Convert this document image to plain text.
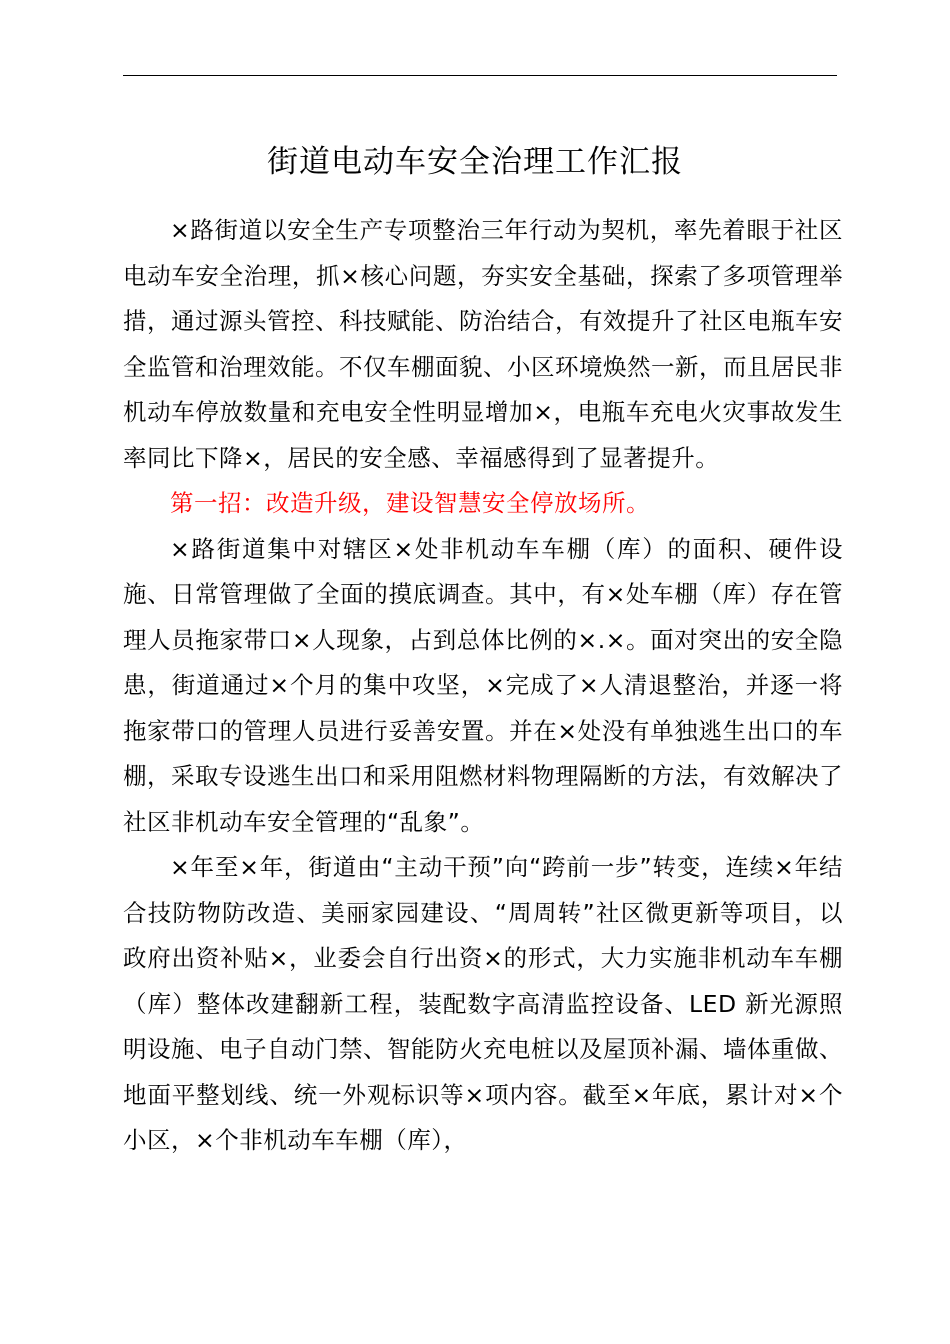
街道电动车安全治理工作汇报

×路街道以安全生产专项整治三年行动为契机，率先着眼于社区电动车安全治理，抓×核心问题，夯实安全基础，探索了多项管理举措，通过源头管控、科技赋能、防治结合，有效提升了社区电瓶车安全监管和治理效能。不仅车棚面貌、小区环境焕然一新，而且居民非机动车停放数量和充电安全性明显增加×，电瓶车充电火灾事故发生率同比下降×，居民的安全感、幸福感得到了显著提升。

第一招：改造升级，建设智慧安全停放场所。

×路街道集中对辖区×处非机动车车棚（库）的面积、硬件设施、日常管理做了全面的摸底调查。其中，有×处车棚（库）存在管理人员拖家带口×人现象，占到总体比例的×.×。面对突出的安全隐患，街道通过×个月的集中攻坚，×完成了×人清退整治，并逐一将拖家带口的管理人员进行妥善安置。并在×处没有单独逃生出口的车棚，采取专设逃生出口和采用阻燃材料物理隔断的方法，有效解决了社区非机动车安全管理的“乱象”。

×年至×年，街道由“主动干预”向“跨前一步”转变，连续×年结合技防物防改造、美丽家园建设、“周周转”社区微更新等项目，以政府出资补贴×，业委会自行出资×的形式，大力实施非机动车车棚（库）整体改建翻新工程，装配数字高清监控设备、LED 新光源照明设施、电子自动门禁、智能防火充电桩以及屋顶补漏、墙体重做、地面平整划线、统一外观标识等×项内容。截至×年底，累计对×个小区，×个非机动车车棚（库），
